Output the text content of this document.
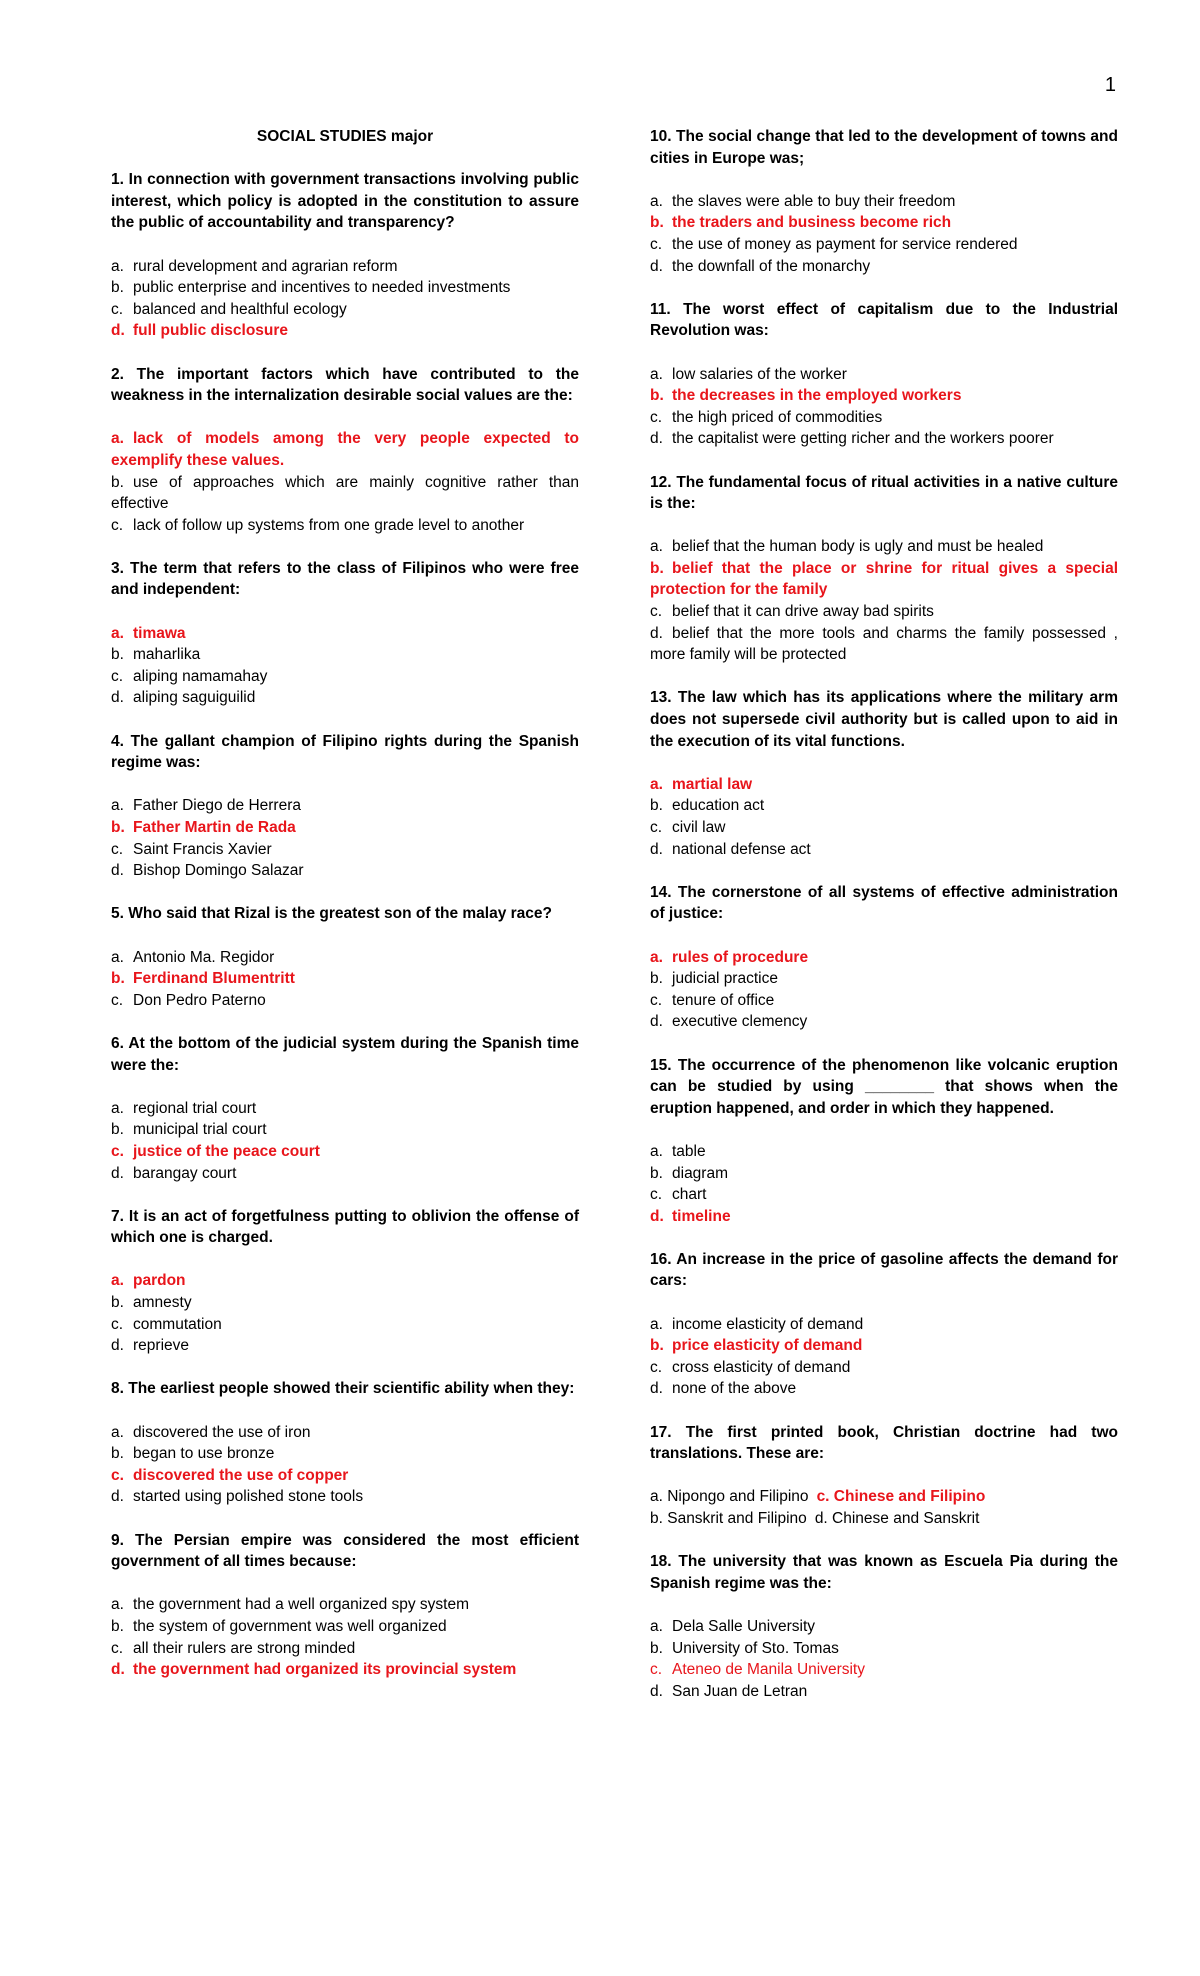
1

SOCIAL STUDIES major

1. In connection with government transactions involving public interest, which policy is adopted in the constitution to assure the public of accountability and transparency?

a. rural development and agrarian reform

b. public enterprise and incentives to needed investments

c. balanced and healthful ecology

d. full public disclosure

2. The important factors which have contributed to the weakness in the internalization desirable social values are the:

a. lack of models among the very people expected to exemplify these values.

b. use of approaches which are mainly cognitive rather than effective

c. lack of follow up systems from one grade level to another

3. The term that refers to the class of Filipinos who were free and independent:

a. timawa

b. maharlika

c. aliping namamahay

d. aliping saguiguilid

4. The gallant champion of Filipino rights during the Spanish regime was:

a. Father Diego de Herrera

b. Father Martin de Rada

c. Saint Francis Xavier

d. Bishop Domingo Salazar

5. Who said that Rizal is the greatest son of the malay race?

a. Antonio Ma. Regidor

b. Ferdinand Blumentritt

c. Don Pedro Paterno

6. At the bottom of the judicial system during the Spanish time were the:

a. regional trial court

b. municipal trial court

c. justice of the peace court

d. barangay court

7. It is an act of forgetfulness putting to oblivion the offense of which one is charged.

a. pardon

b. amnesty

c. commutation

d. reprieve

8. The earliest people showed their scientific ability when they:

a. discovered the use of iron

b. began to use bronze

c. discovered the use of copper

d. started using polished stone tools

9. The Persian empire was considered the most efficient government of all times because:

a. the government had a well organized spy system

b. the system of government was well organized

c. all their rulers are strong minded

d. the government had organized its provincial system

10. The social change that led to the development of towns and cities in Europe was;

a. the slaves were able to buy their freedom

b. the traders and business become rich

c. the use of money as payment for service rendered

d. the downfall of the monarchy

11. The worst effect of capitalism due to the Industrial Revolution was:

a. low salaries of the worker

b. the decreases in the employed workers

c. the high priced of commodities

d. the capitalist were getting richer and the workers poorer

12. The fundamental focus of ritual activities in a native culture is the:

a. belief that the human body is ugly and must be healed

b. belief that the place or shrine for ritual gives a special protection for the family

c. belief that it can drive away bad spirits

d. belief that the more tools and charms the family possessed , more family will be protected

13. The law which has its applications where the military arm does not supersede civil authority but is called upon to aid in the execution of its vital functions.

a. martial law

b. education act

c. civil law

d. national defense act

14. The cornerstone of all systems of effective administration of justice:

a. rules of procedure

b. judicial practice

c. tenure of office

d. executive clemency

15. The occurrence of the phenomenon like volcanic eruption can be studied by using ________ that shows when the eruption happened, and order in which they happened.

a. table

b. diagram

c. chart

d. timeline

16. An increase in the price of gasoline affects the demand for cars:

a. income elasticity of demand

b. price elasticity of demand

c. cross elasticity of demand

d. none of the above

17. The first printed book, Christian doctrine had two translations. These are:

a. Nipongo and Filipino c. Chinese and Filipino
b. Sanskrit and Filipino d. Chinese and Sanskrit

18. The university that was known as Escuela Pia during the Spanish regime was the:

a. Dela Salle University

b. University of Sto. Tomas

c. Ateneo de Manila University

d. San Juan de Letran
